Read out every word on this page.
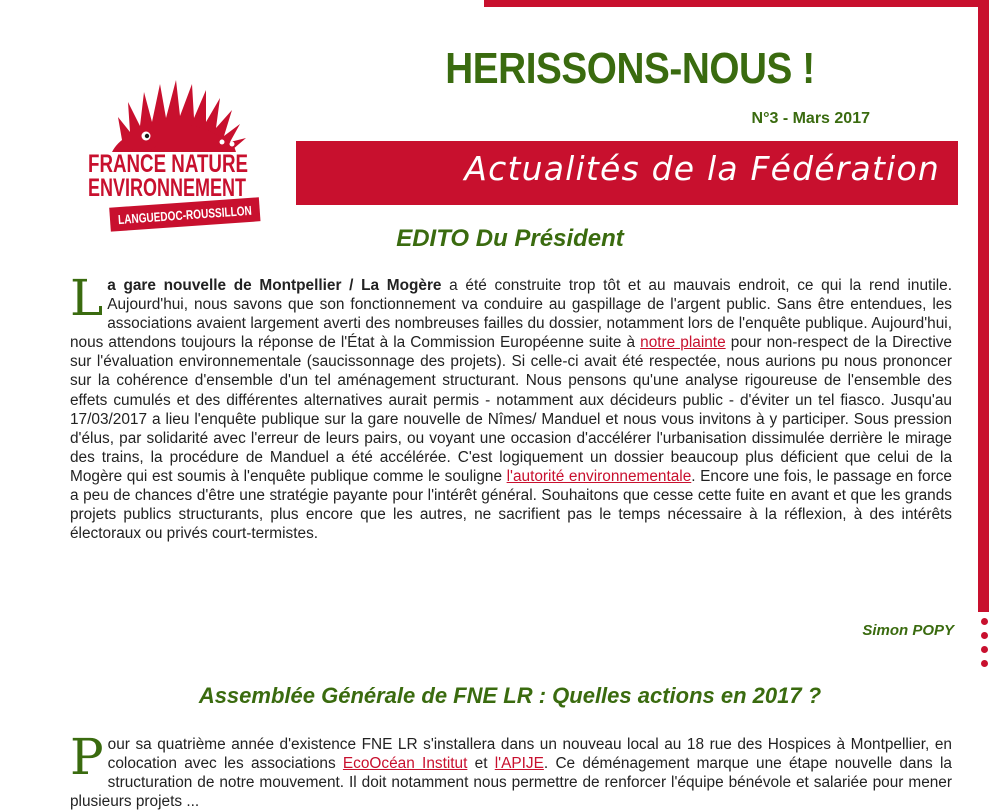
FRANCE NATURE
ENVIRONNEMENT
LANGUEDOC-ROUSSILLON
HERISSONS-NOUS !
N°3 - Mars 2017
Actualités de la Fédération
EDITO Du Président
La gare nouvelle de Montpellier / La Mogère a été construite trop tôt et au mauvais endroit, ce qui la rend inutile. Aujourd'hui, nous savons que son fonctionnement va conduire au gaspillage de l'argent public. Sans être entendues, les associations avaient largement averti des nombreuses failles du dossier, notamment lors de l'enquête publique. Aujourd'hui, nous attendons toujours la réponse de l'État à la Commission Européenne suite à notre plainte pour non-respect de la Directive sur l'évaluation environnementale (saucissonnage des projets). Si celle-ci avait été respectée, nous aurions pu nous prononcer sur la cohérence d'ensemble d'un tel aménagement structurant. Nous pensons qu'une analyse rigoureuse de l'ensemble des effets cumulés et des différentes alternatives aurait permis - notamment aux décideurs public - d'éviter un tel fiasco. Jusqu'au 17/03/2017 a lieu l'enquête publique sur la gare nouvelle de Nîmes/ Manduel et nous vous invitons à y participer. Sous pression d'élus, par solidarité avec l'erreur de leurs pairs, ou voyant une occasion d'accélérer l'urbanisation dissimulée derrière le mirage des trains, la procédure de Manduel a été accélérée. C'est logiquement un dossier beaucoup plus déficient que celui de la Mogère qui est soumis à l'enquête publique comme le souligne l'autorité environnementale. Encore une fois, le passage en force a peu de chances d'être une stratégie payante pour l'intérêt général. Souhaitons que cesse cette fuite en avant et que les grands projets publics structurants, plus encore que les autres, ne sacrifient pas le temps nécessaire à la réflexion, à des intérêts électoraux ou privés court-termistes.
Simon POPY
Assemblée Générale de FNE LR : Quelles actions en 2017 ?
Pour sa quatrième année d'existence FNE LR s'installera dans un nouveau local au 18 rue des Hospices à Montpellier, en colocation avec les associations EcoOcéan Institut et l'APIJE. Ce déménagement marque une étape nouvelle dans la structuration de notre mouvement. Il doit notamment nous permettre de renforcer l'équipe bénévole et salariée pour mener plusieurs projets ...
